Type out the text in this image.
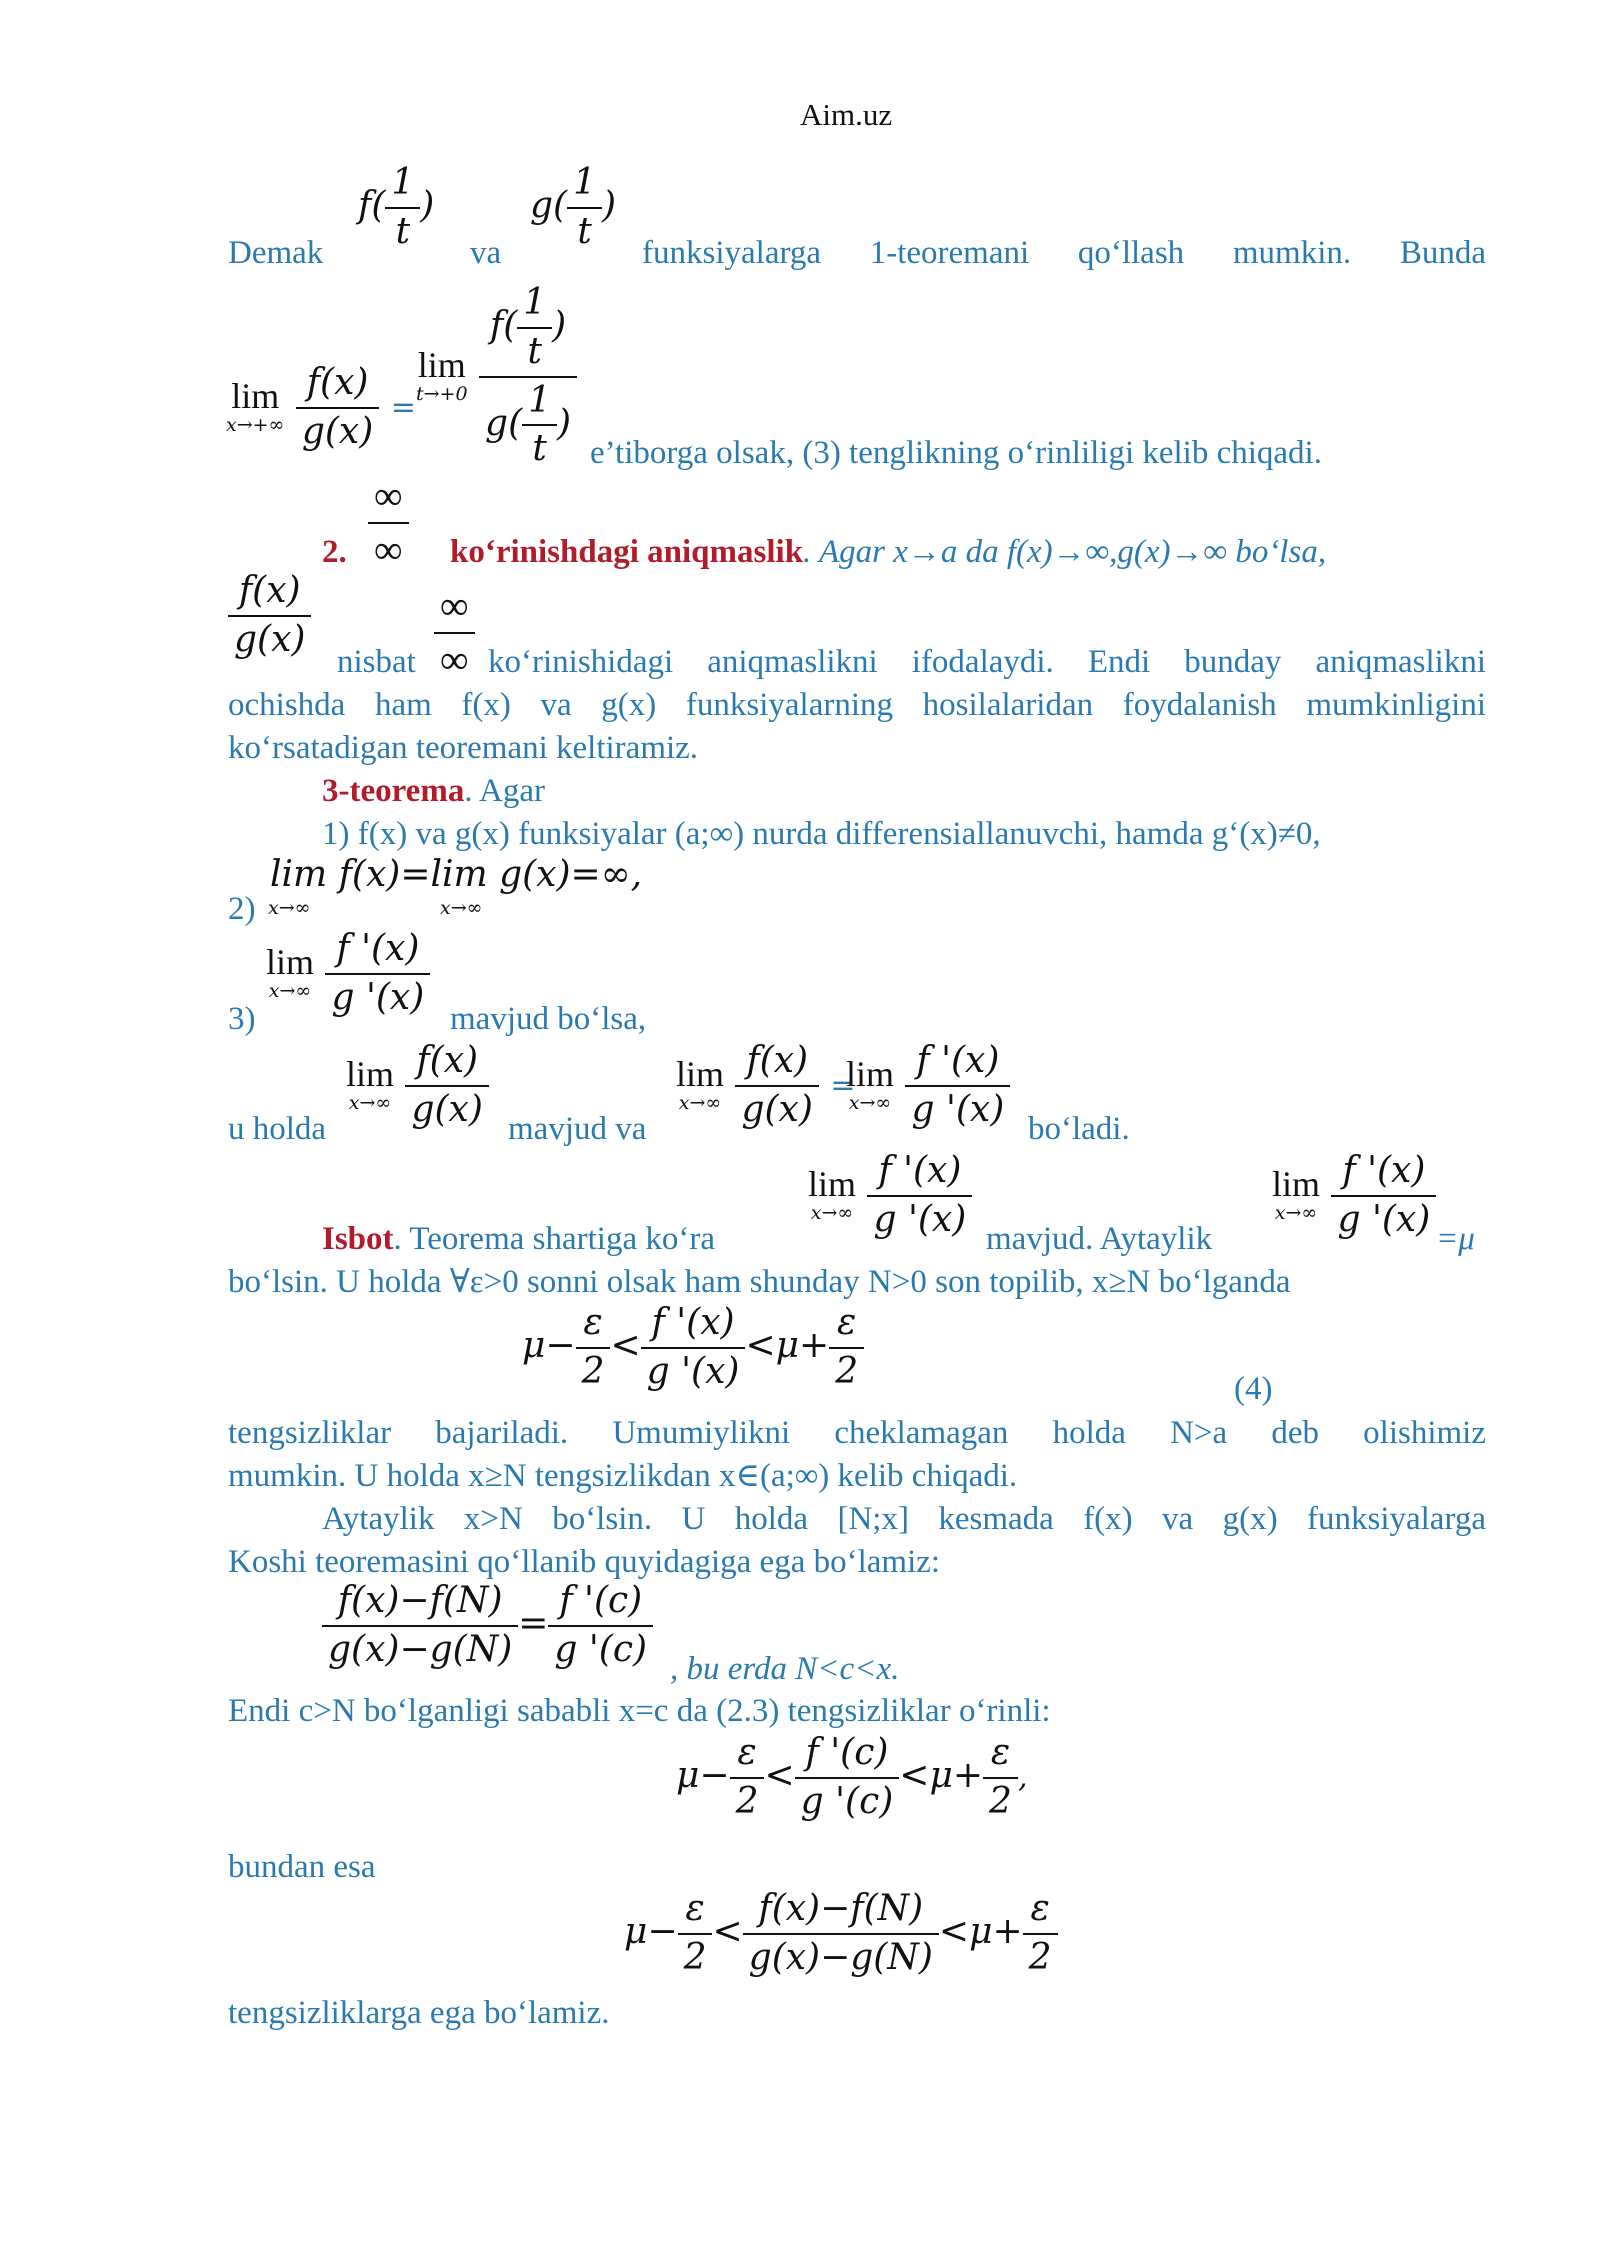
Aim.uz
Demak
$f( \frac{1}{t}$ )
va
$g( \frac{1}{t}$ )
funksiyalarga 1-teoremani qo‘llash mumkin. Bunda
lim
x→+∞
$\frac{f(x)}{g(x)}$ =
lim
t→+0
$\frac{f( \frac{1}{t} )}{g( \frac{1}{t} )}$ e’tiborga olsak, (3) tenglikning o‘rinliligi kelib chiqadi.
∞
∞
2.	ko‘rinishdagi aniqmaslik. Agar x→a da f(x)→∞,g(x)→∞ bo‘lsa,
$\frac{f(x)}{g(x)}$ nisbat
∞
∞ ko‘rinishidagi aniqmaslikni ifodalaydi. Endi bunday aniqmaslikni
ochishda ham f(x) va g(x) funksiyalarning hosilalaridan foydalanish mumkinligini
ko‘rsatadigan teoremani keltiramiz.
3-teorema. Agar
1) f(x) va g(x) funksiyalar (a;∞) nurda differensiallanuvchi, hamda g‘(x)≠0,
2)
lim f(x)=lim g(x)=∞,
x→∞	x→∞
3)
lim
x→∞
$\frac{f '(x)}{g '(x)}$ mavjud bo‘lsa,
u holda
lim
x→∞
$\frac{f(x)}{g(x)}$ mavjud va
lim
x→∞
$\frac{f(x)}{g(x)}$ =
lim
x→∞
$\frac{f '(x)}{g '(x)}$ bo‘ladi.
Isbot. Teorema shartiga ko‘ra
lim
x→∞
$\frac{f '(x)}{g '(x)}$ mavjud. Aytaylik
lim
x→∞
$\frac{f '(x)}{g '(x)} =\mu$
bo‘lsin. U holda ∀ε>0 sonni olsak ham shunday N>0 son topilib, x≥N bo‘lganda
$\mu- \frac{\varepsilon}{2} < \frac{f '(x)}{g '(x)} <\mu+ \frac{\varepsilon}{2}$	(4)
tengsizliklar bajariladi. Umumiylikni cheklamagan holda N>a deb olishimiz
mumkin. U holda x≥N tengsizlikdan x∈(a;∞) kelib chiqadi.
Aytaylik x>N bo‘lsin. U holda [N;x] kesmada f(x) va g(x) funksiyalarga
Koshi teoremasini qo‘llanib quyidagiga ega bo‘lamiz:
$\frac{f(x)-f(N)}{g(x)-g(N)} = \frac{f '(c)}{g '(c)}$ , bu erda N<c<x.
Endi c>N bo‘lganligi sababli x=c da (2.3) tengsizliklar o‘rinli:
$\mu- \frac{\varepsilon}{2} < \frac{f '(c)}{g '(c)} <\mu+ \frac{\varepsilon}{2}$ ,
bundan esa
$\mu- \frac{\varepsilon}{2} < \frac{f(x)-f(N)}{g(x)-g(N)} <\mu+ \frac{\varepsilon}{2}$
tengsizliklarga ega bo‘lamiz.
